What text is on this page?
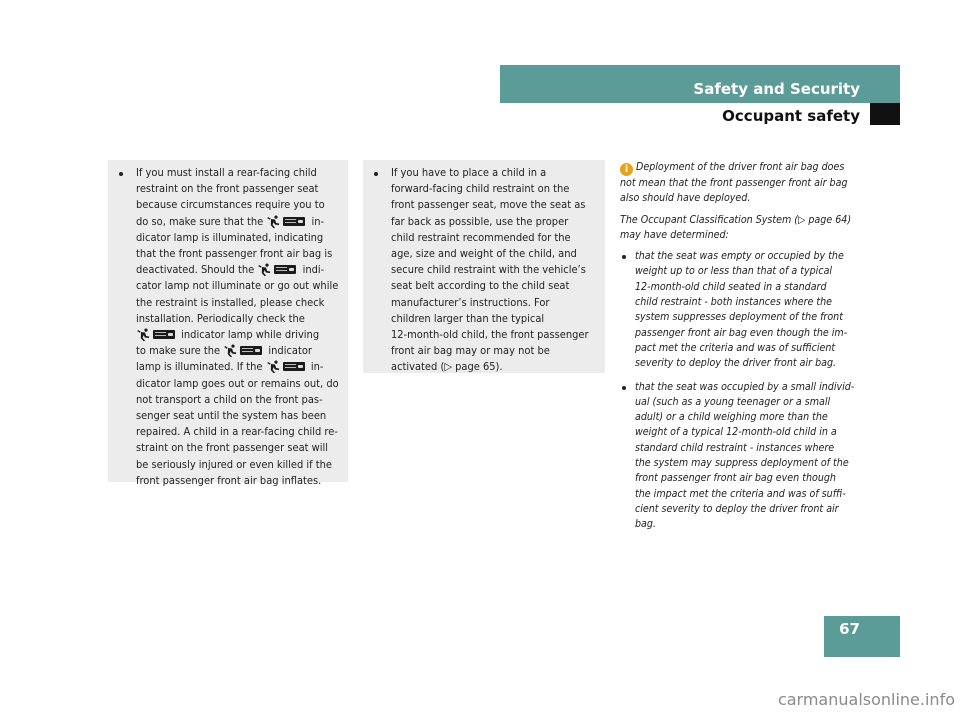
Safety and Security
Occupant safety
If you must install a rear-facing child
restraint on the front passenger seat
because circumstances require you to
do so, make sure that the	in-
dicator lamp is illuminated, indicating
that the front passenger front air bag is
deactivated. Should the	indi-
cator lamp not illuminate or go out while
the restraint is installed, please check
installation. Periodically check the
indicator lamp while driving
to make sure the	indicator
lamp is illuminated. If the	in-
dicator lamp goes out or remains out, do
not transport a child on the front pas-
senger seat until the system has been
repaired. A child in a rear-facing child re-
straint on the front passenger seat will
be seriously injured or even killed if the
front passenger front air bag inflates.
If you have to place a child in a
forward-facing child restraint on the
front passenger seat, move the seat as
far back as possible, use the proper
child restraint recommended for the
age, size and weight of the child, and
secure child restraint with the vehicle’s
seat belt according to the child seat
manufacturer’s instructions. For
children larger than the typical
12-month-old child, the front passenger
front air bag may or may not be
activated (▷ page 65).
i Deployment of the driver front air bag does
not mean that the front passenger front air bag
also should have deployed.
The Occupant Classification System (▷ page 64)
may have determined:
that the seat was empty or occupied by the
weight up to or less than that of a typical
12-month-old child seated in a standard
child restraint - both instances where the
system suppresses deployment of the front
passenger front air bag even though the im-
pact met the criteria and was of sufficient
severity to deploy the driver front air bag.
that the seat was occupied by a small individ-
ual (such as a young teenager or a small
adult) or a child weighing more than the
weight of a typical 12-month-old child in a
standard child restraint - instances where
the system may suppress deployment of the
front passenger front air bag even though
the impact met the criteria and was of suffi-
cient severity to deploy the driver front air
bag.
67
carmanualsonline.info
